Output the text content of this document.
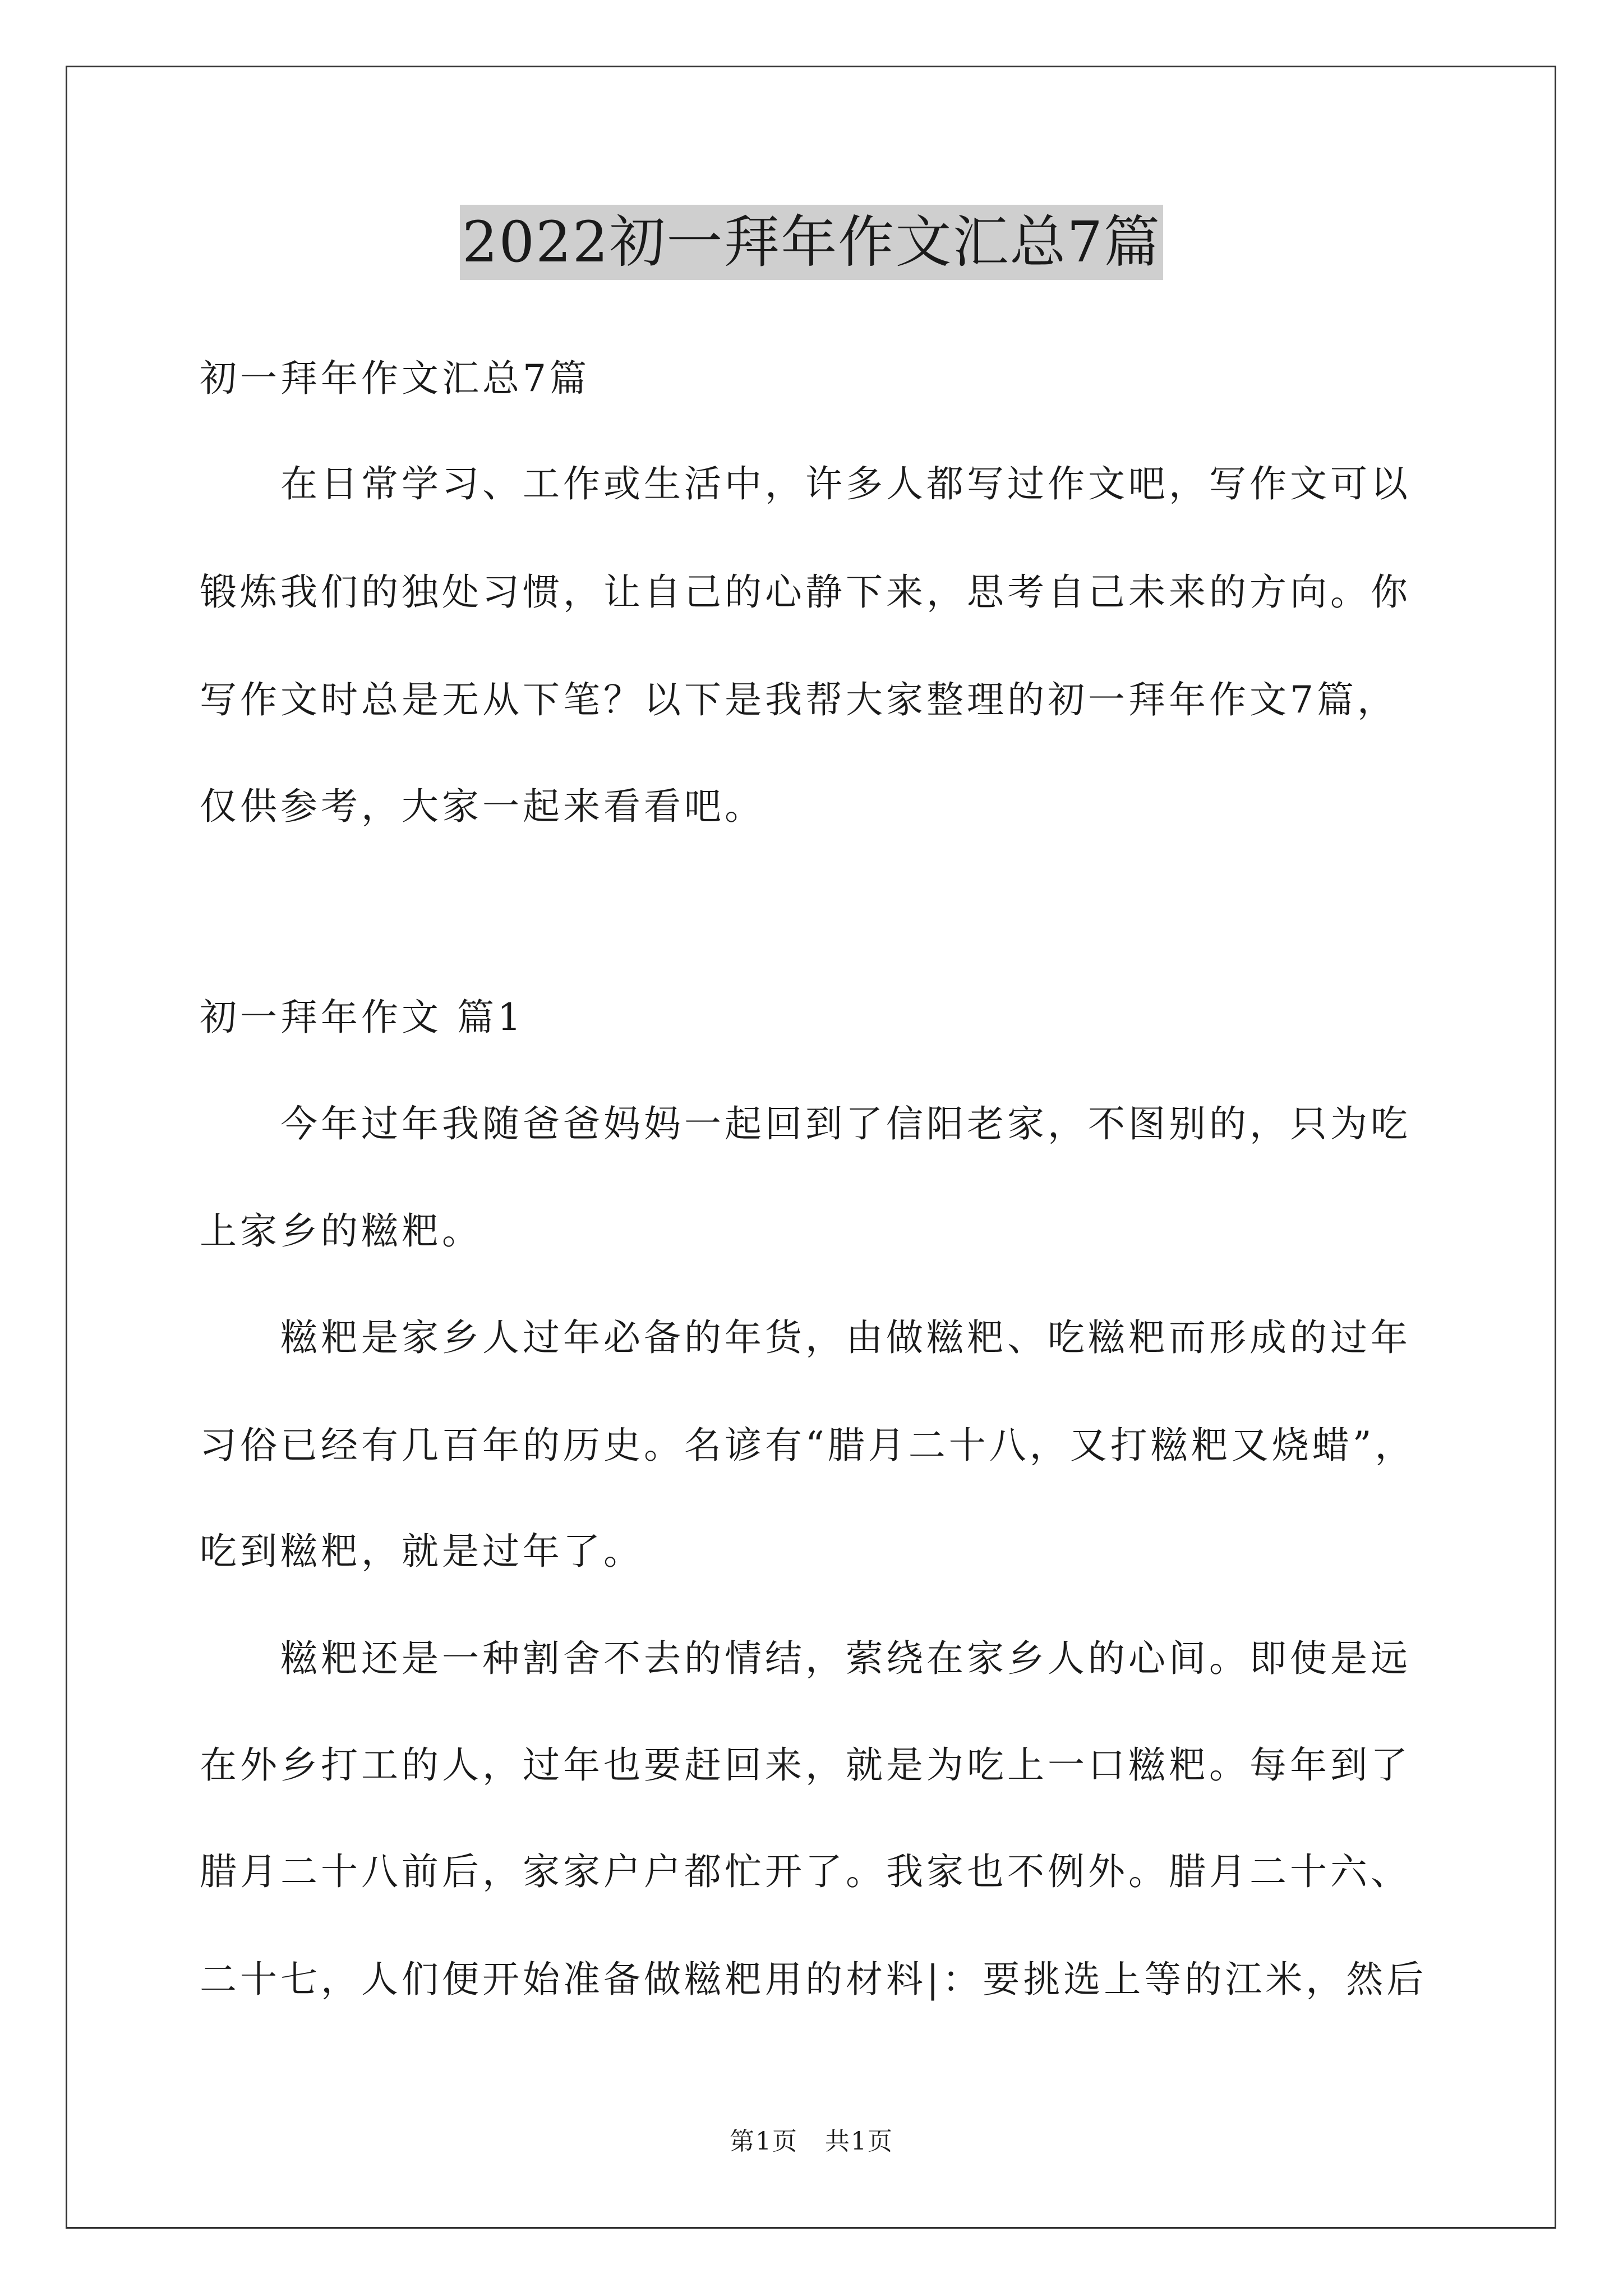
2022初一拜年作文汇总7篇
初一拜年作文汇总7篇
在日常学习、工作或生活中，许多人都写过作文吧，写作文可以
锻炼我们的独处习惯，让自己的心静下来，思考自己未来的方向。你
写作文时总是无从下笔？以下是我帮大家整理的初一拜年作文7篇，
仅供参考，大家一起来看看吧。
初一拜年作文 篇1
今年过年我随爸爸妈妈一起回到了信阳老家，不图别的，只为吃
上家乡的糍粑。
糍粑是家乡人过年必备的年货，由做糍粑、吃糍粑而形成的过年
习俗已经有几百年的历史。名谚有“腊月二十八，又打糍粑又烧蜡”，
吃到糍粑，就是过年了。
糍粑还是一种割舍不去的情结，萦绕在家乡人的心间。即使是远
在外乡打工的人，过年也要赶回来，就是为吃上一口糍粑。每年到了
腊月二十八前后，家家户户都忙开了。我家也不例外。腊月二十六、
二十七，人们便开始准备做糍粑用的材料|：要挑选上等的江米，然后
第1页 共1页
